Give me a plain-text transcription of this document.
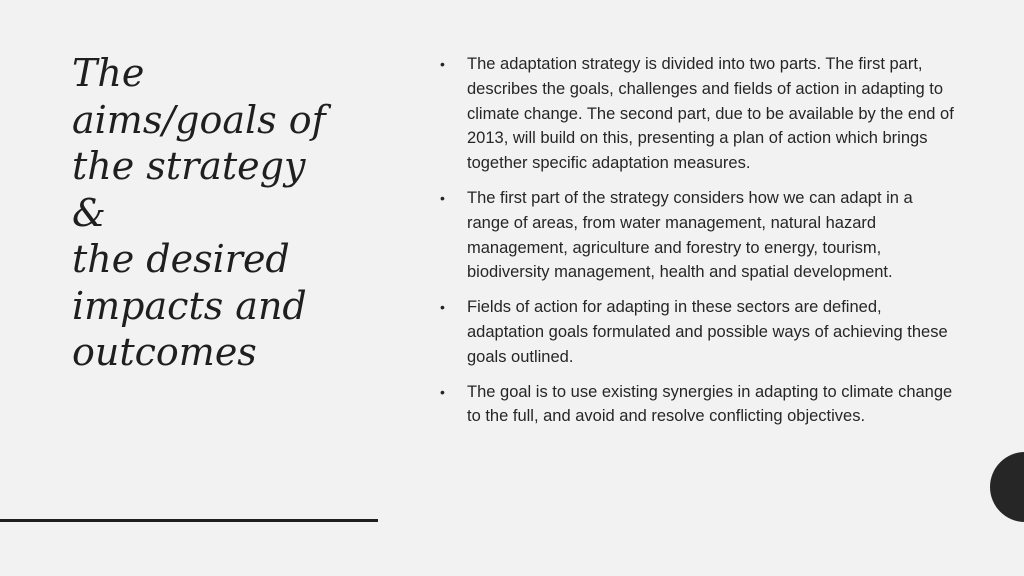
The
aims/goals of
the strategy
&
the desired
impacts and
outcomes
• The adaptation strategy is divided into two parts. The first part, describes the goals, challenges and fields of action in adapting to climate change. The second part, due to be available by the end of 2013, will build on this, presenting a plan of action which brings together specific adaptation measures.
• The first part of the strategy considers how we can adapt in a range of areas, from water management, natural hazard management, agriculture and forestry to energy, tourism, biodiversity management, health and spatial development.
• Fields of action for adapting in these sectors are defined, adaptation goals formulated and possible ways of achieving these goals outlined.
• The goal is to use existing synergies in adapting to climate change to the full, and avoid and resolve conflicting objectives.
